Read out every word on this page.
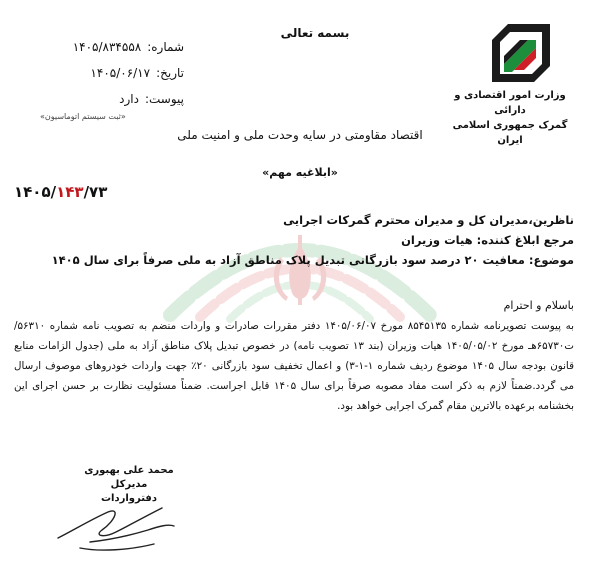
بسمه تعالی
شماره:
۱۴۰۵/۸۳۴۵۵۸
تاریخ:
۱۴۰۵/۰۶/۱۷
پیوست:
دارد
«ثبت سیستم اتوماسیون»
وزارت امور اقتصادی و دارائی
گمرک جمهوری اسلامی ایران
اقتصاد مقاومتی در سایه وحدت ملی و امنیت ملی
«ابلاغیه مهم»
۱۴۰۵/۱۴۳/۷۳
ناظرین،مدیران کل و مدیران محترم گمرکات اجرایی
مرجع ابلاغ کننده: هیات وزیران
موضوع: معافیت ۲۰ درصد سود بازرگانی تبدیل پلاک مناطق آزاد به ملی صرفاً برای سال ۱۴۰۵
باسلام و احترام
به پیوست تصویرنامه شماره ۸۵۴۵۱۳۵ مورخ ۱۴۰۵/۰۶/۰۷ دفتر مقررات صادرات و واردات منضم به تصویب نامه شماره ۵۶۳۱۰/ت۶۵۷۳۰هـ مورخ ۱۴۰۵/۰۵/۰۲ هیات وزیران (بند ۱۳ تصویب نامه) در خصوص تبدیل پلاک مناطق آزاد به ملی (جدول الزامات منابع قانون بودجه سال ۱۴۰۵ موضوع ردیف شماره ۱-۱-۳) و اعمال تخفیف سود بازرگانی ۲۰٪ جهت واردات خودروهای موصوف ارسال می گردد.ضمناً لازم به ذکر است مفاد مصوبه صرفاً برای سال ۱۴۰۵ قابل اجراست. ضمناً مسئولیت نظارت بر حسن اجرای این بخشنامه برعهده بالاترین مقام گمرک اجرایی خواهد بود.
محمد علی بهبوری
مدیرکل دفترواردات
